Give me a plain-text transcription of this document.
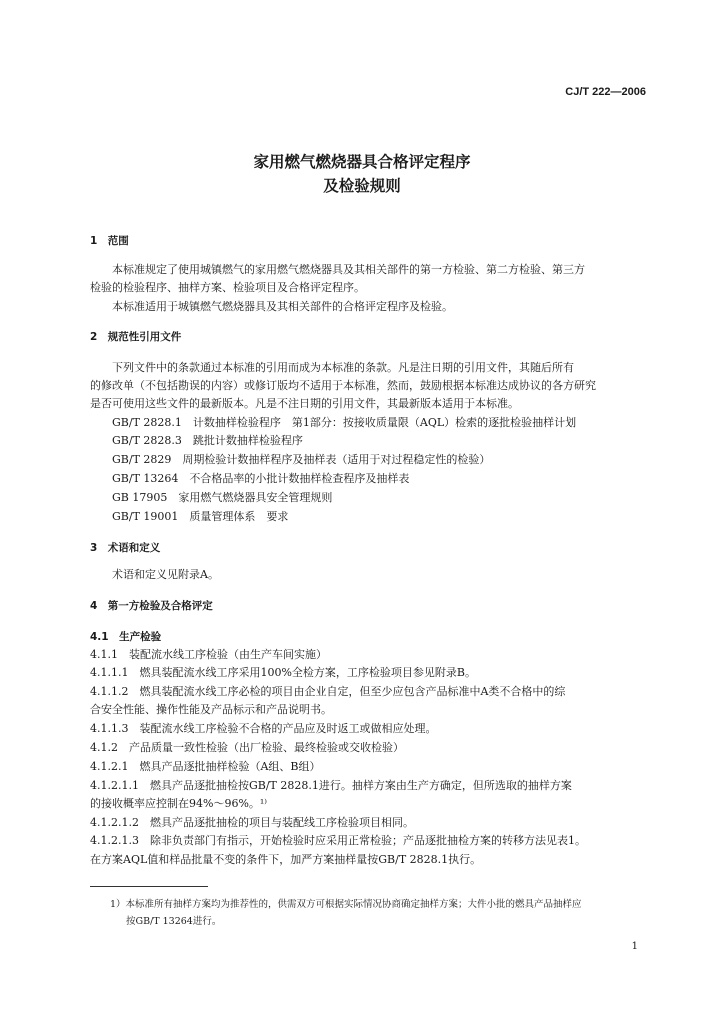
CJ/T 222—2006
家用燃气燃烧器具合格评定程序
及检验规则
1　范围
　　本标准规定了使用城镇燃气的家用燃气燃烧器具及其相关部件的第一方检验、第二方检验、第三方
检验的检验程序、抽样方案、检验项目及合格评定程序。
　　本标准适用于城镇燃气燃烧器具及其相关部件的合格评定程序及检验。
2　规范性引用文件
　　下列文件中的条款通过本标准的引用而成为本标准的条款。凡是注日期的引用文件，其随后所有
的修改单（不包括勘误的内容）或修订版均不适用于本标准，然而，鼓励根据本标准达成协议的各方研究
是否可使用这些文件的最新版本。凡是不注日期的引用文件，其最新版本适用于本标准。
　　GB/T 2828.1　计数抽样检验程序　第1部分：按接收质量限（AQL）检索的逐批检验抽样计划
　　GB/T 2828.3　跳批计数抽样检验程序
　　GB/T 2829　周期检验计数抽样程序及抽样表（适用于对过程稳定性的检验）
　　GB/T 13264　不合格品率的小批计数抽样检查程序及抽样表
　　GB 17905　家用燃气燃烧器具安全管理规则
　　GB/T 19001　质量管理体系　要求
3　术语和定义
　　术语和定义见附录A。
4　第一方检验及合格评定
4.1　生产检验
4.1.1　装配流水线工序检验（由生产车间实施）
4.1.1.1　燃具装配流水线工序采用100%全检方案，工序检验项目参见附录B。
4.1.1.2　燃具装配流水线工序必检的项目由企业自定，但至少应包含产品标准中A类不合格中的综
合安全性能、操作性能及产品标示和产品说明书。
4.1.1.3　装配流水线工序检验不合格的产品应及时返工或做相应处理。
4.1.2　产品质量一致性检验（出厂检验、最终检验或交收检验）
4.1.2.1　燃具产品逐批抽样检验（A组、B组）
4.1.2.1.1　燃具产品逐批抽检按GB/T 2828.1进行。抽样方案由生产方确定，但所选取的抽样方案
的接收概率应控制在94%～96%。¹⁾
4.1.2.1.2　燃具产品逐批抽检的项目与装配线工序检验项目相同。
4.1.2.1.3　除非负责部门有指示，开始检验时应采用正常检验；产品逐批抽检方案的转移方法见表1。
在方案AQL值和样品批量不变的条件下，加严方案抽样量按GB/T 2828.1执行。
1）本标准所有抽样方案均为推荐性的，供需双方可根据实际情况协商确定抽样方案；大件小批的燃具产品抽样应
按GB/T 13264进行。
1
